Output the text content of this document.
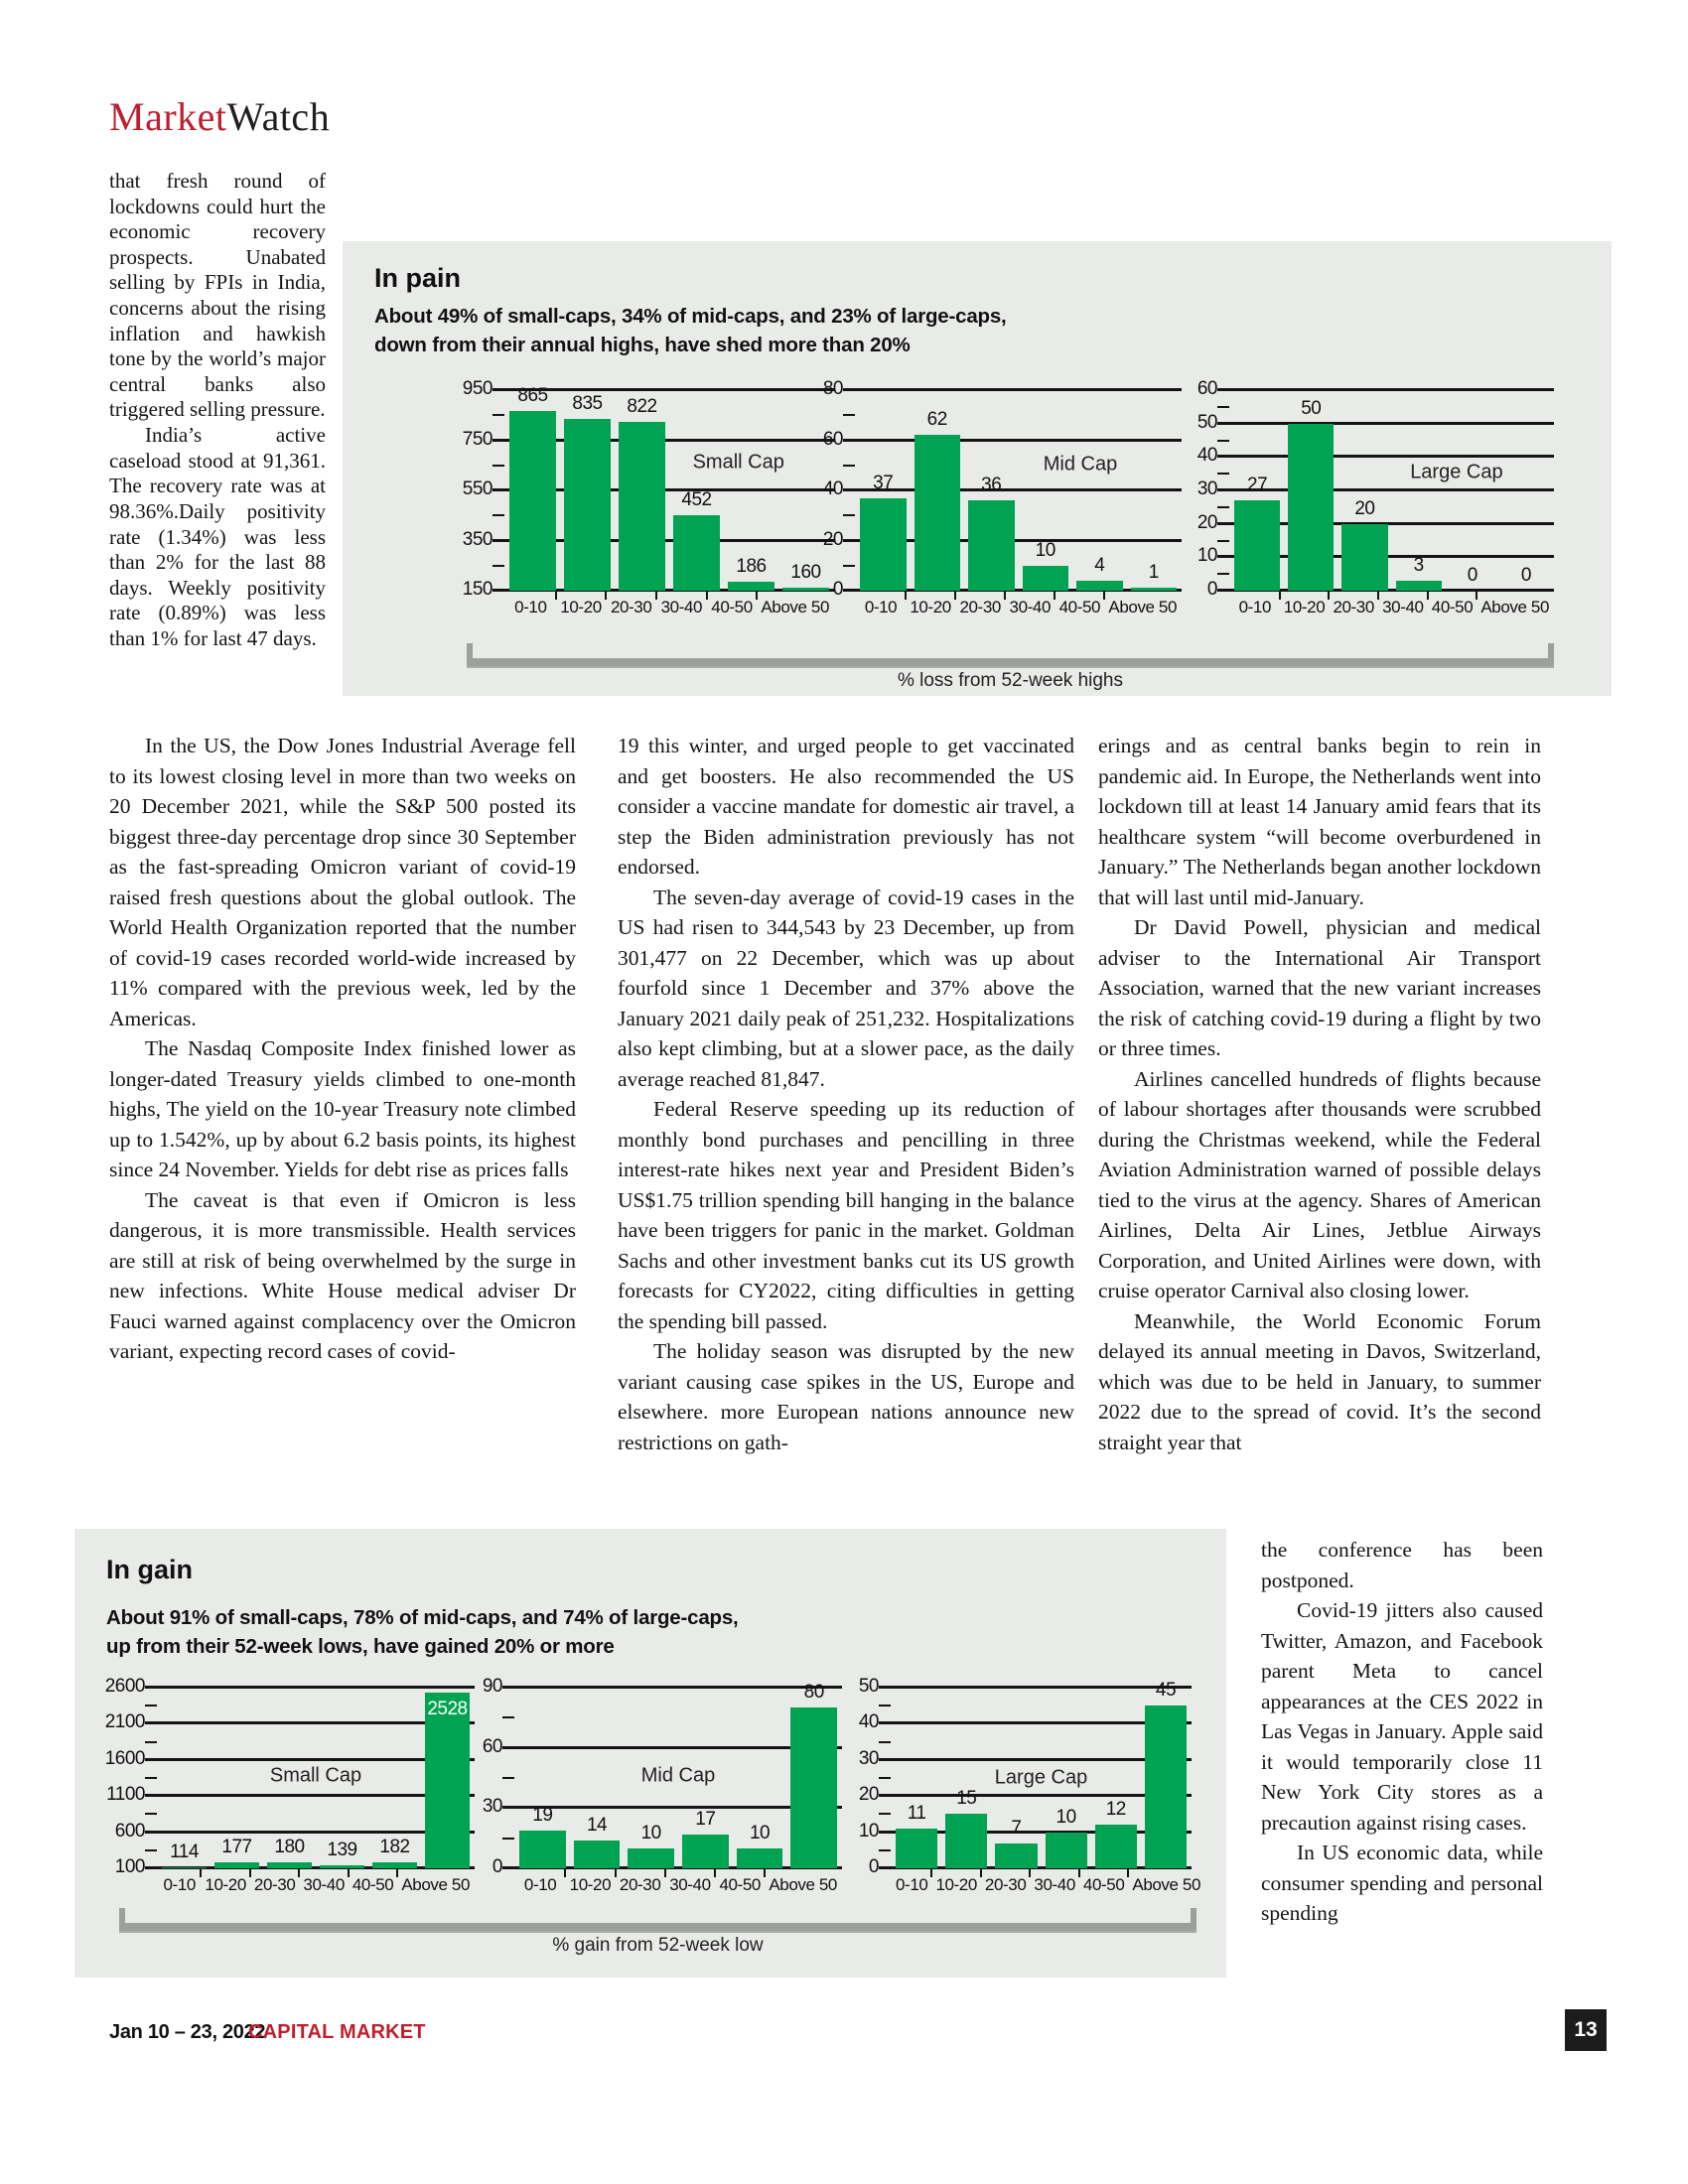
MarketWatch

that fresh round of lockdowns could hurt the economic recovery prospects. Unabated selling by FPIs in India, concerns about the rising inflation and hawkish tone by the world’s major central banks also triggered selling pressure.

India’s active caseload stood at 91,361. The recovery rate was at 98.36%.Daily positivity rate (1.34%) was less than 2% for the last 88 days. Weekly positivity rate (0.89%) was less than 1% for last 47 days.

In pain
About 49% of small-caps, 34% of mid-caps, and 23% of large-caps,
down from their annual highs, have shed more than 20%
950
750
550
350
150
Small Cap
865	835	822
452
186	160
0-10 10-20 20-30 30-40 40-50 Above 50
80
60
40
20
0
Mid Cap
37
62
36
10
4	1
0-10 10-20 20-30 30-40 40-50 Above 50
60
50
40
30
20
10
0
Large Cap
27
50
20
3	0	0
0-10 10-20 20-30 30-40 40-50 Above 50
% loss from 52-week highs

In the US, the Dow Jones Industrial Average fell to its lowest closing level in more than two weeks on 20 December 2021, while the S&P 500 posted its biggest three-day percentage drop since 30 September as the fast-spreading Omicron variant of covid-19 raised fresh questions about the global outlook. The World Health Organization reported that the number of covid-19 cases recorded world-wide increased by 11% compared with the previous week, led by the Americas.

The Nasdaq Composite Index finished lower as longer-dated Treasury yields climbed to one-month highs, The yield on the 10-year Treasury note climbed up to 1.542%, up by about 6.2 basis points, its highest since 24 November. Yields for debt rise as prices falls

The caveat is that even if Omicron is less dangerous, it is more transmissible. Health services are still at risk of being overwhelmed by the surge in new infections. White House medical adviser Dr Fauci warned against complacency over the Omicron variant, expecting record cases of covid-

19 this winter, and urged people to get vaccinated and get boosters. He also recommended the US consider a vaccine mandate for domestic air travel, a step the Biden administration previously has not endorsed.

The seven-day average of covid-19 cases in the US had risen to 344,543 by 23 December, up from 301,477 on 22 December, which was up about fourfold since 1 December and 37% above the January 2021 daily peak of 251,232. Hospitalizations also kept climbing, but at a slower pace, as the daily average reached 81,847.

Federal Reserve speeding up its reduction of monthly bond purchases and pencilling in three interest-rate hikes next year and President Biden’s US$1.75 trillion spending bill hanging in the balance have been triggers for panic in the market. Goldman Sachs and other investment banks cut its US growth forecasts for CY2022, citing difficulties in getting the spending bill passed.

The holiday season was disrupted by the new variant causing case spikes in the US, Europe and elsewhere. more European nations announce new restrictions on gath-

erings and as central banks begin to rein in pandemic aid. In Europe, the Netherlands went into lockdown till at least 14 January amid fears that its healthcare system “will become overburdened in January.” The Netherlands began another lockdown that will last until mid-January.

Dr David Powell, physician and medical adviser to the International Air Transport Association, warned that the new variant increases the risk of catching covid-19 during a flight by two or three times.

Airlines cancelled hundreds of flights because of labour shortages after thousands were scrubbed during the Christmas weekend, while the Federal Aviation Administration warned of possible delays tied to the virus at the agency. Shares of American Airlines, Delta Air Lines, Jetblue Airways Corporation, and United Airlines were down, with cruise operator Carnival also closing lower.

Meanwhile, the World Economic Forum delayed its annual meeting in Davos, Switzerland, which was due to be held in January, to summer 2022 due to the spread of covid. It’s the second straight year that

the conference has been postponed.

Covid-19 jitters also caused Twitter, Amazon, and Facebook parent Meta to cancel appearances at the CES 2022 in Las Vegas in January. Apple said it would temporarily close 11 New York City stores as a precaution against rising cases.

In US economic data, while consumer spending and personal spending

In gain
About 91% of small-caps, 78% of mid-caps, and 74% of large-caps,
up from their 52-week lows, have gained 20% or more
2600
2100
1600
1100
600
100
Small Cap
114	177	180	139	182
2528
0-10 10-20 20-30 30-40 40-50 Above 50
90
60
30
0
Mid Cap
19	14	10
17
10
80
0-10 10-20 20-30 30-40 40-50 Above 50
50
40
30
20
10
0
Large Cap
11
15
7
10	12
45
0-10 10-20 20-30 30-40 40-50 Above 50
% gain from 52-week low
Jan 10 – 23, 2022
CAPITAL MARKET	13
